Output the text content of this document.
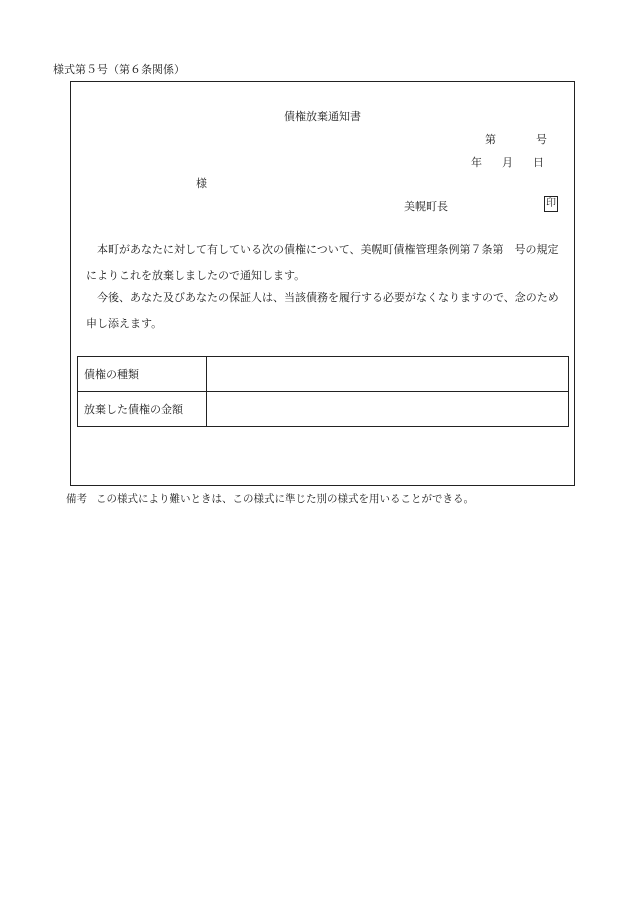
様式第５号（第６条関係）
債権放棄通知書
第	号
年 月 日
様
美幌町長	印

本町があなたに対して有している次の債権について、美幌町債権管理条例第７条第　号の規定によりこれを放棄しましたので通知します。

今後、あなた及びあなたの保証人は、当該債務を履行する必要がなくなりますので、念のため申し添えます。

債権の種類	
放棄した債権の金額	
備考 この様式により難いときは、この様式に準じた別の様式を用いることができる。
